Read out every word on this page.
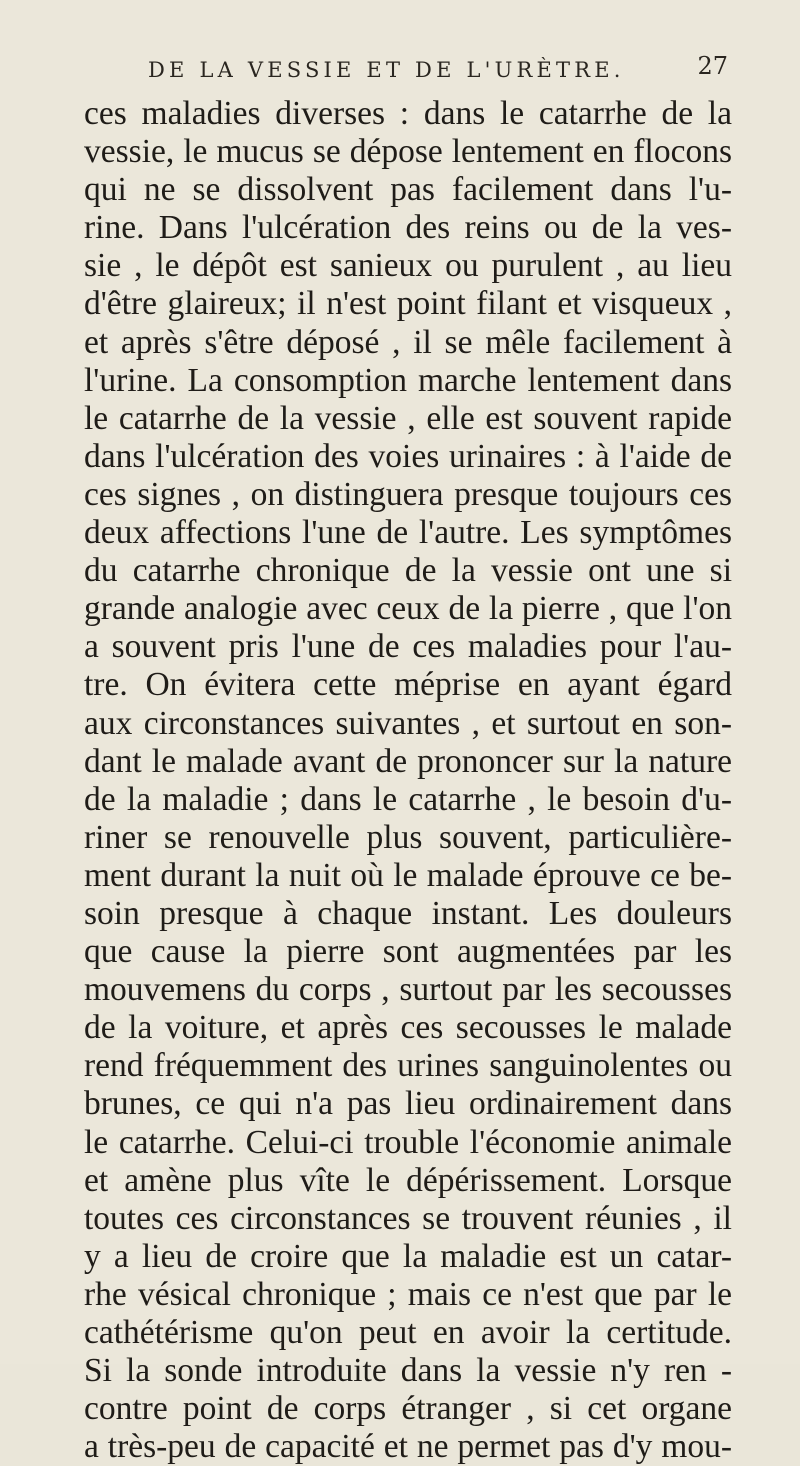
DE LA VESSIE ET DE L'URÈTRE.	27
ces maladies diverses : dans le catarrhe de la
vessie, le mucus se dépose lentement en flocons
qui ne se dissolvent pas facilement dans l'u-
rine. Dans l'ulcération des reins ou de la ves-
sie , le dépôt est sanieux ou purulent , au lieu
d'être glaireux; il n'est point filant et visqueux ,
et après s'être déposé , il se mêle facilement à
l'urine. La consomption marche lentement dans
le catarrhe de la vessie , elle est souvent rapide
dans l'ulcération des voies urinaires : à l'aide de
ces signes , on distinguera presque toujours ces
deux affections l'une de l'autre. Les symptômes
du catarrhe chronique de la vessie ont une si
grande analogie avec ceux de la pierre , que l'on
a souvent pris l'une de ces maladies pour l'au-
tre. On évitera cette méprise en ayant égard
aux circonstances suivantes , et surtout en son-
dant le malade avant de prononcer sur la nature
de la maladie ; dans le catarrhe , le besoin d'u-
riner se renouvelle plus souvent, particulière-
ment durant la nuit où le malade éprouve ce be-
soin presque à chaque instant. Les douleurs
que cause la pierre sont augmentées par les
mouvemens du corps , surtout par les secousses
de la voiture, et après ces secousses le malade
rend fréquemment des urines sanguinolentes ou
brunes, ce qui n'a pas lieu ordinairement dans
le catarrhe. Celui-ci trouble l'économie animale
et amène plus vîte le dépérissement. Lorsque
toutes ces circonstances se trouvent réunies , il
y a lieu de croire que la maladie est un catar-
rhe vésical chronique ; mais ce n'est que par le
cathétérisme qu'on peut en avoir la certitude.
Si la sonde introduite dans la vessie n'y ren -
contre point de corps étranger , si cet organe
a très-peu de capacité et ne permet pas d'y mou-
